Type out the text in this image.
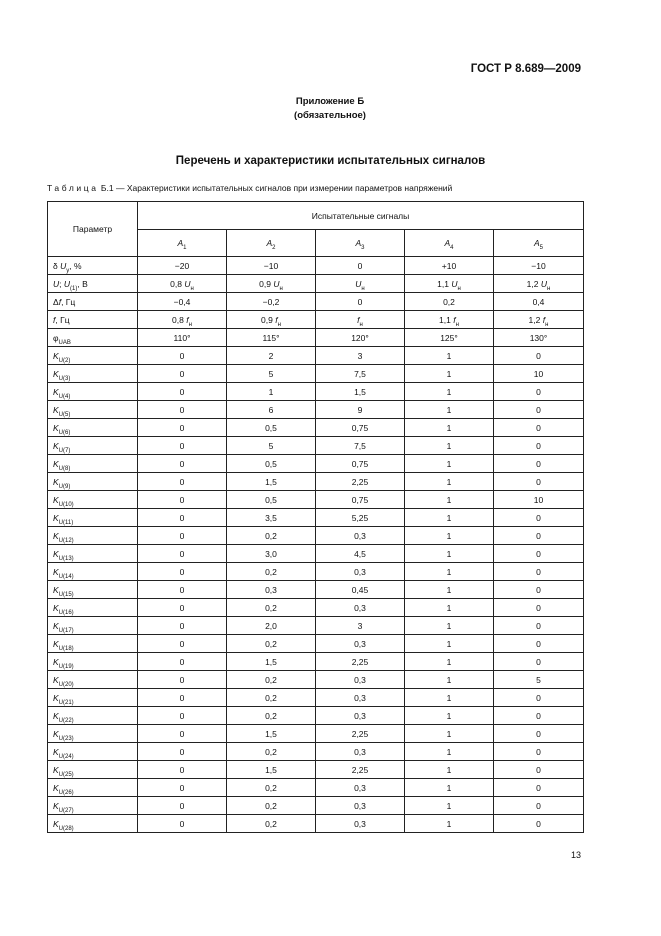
ГОСТ Р 8.689—2009
Приложение Б
(обязательное)
Перечень и характеристики испытательных сигналов
Таблица Б.1 — Характеристики испытательных сигналов при измерении параметров напряжений
Параметр	Испытательные сигналы				
	$A_1$	$A_2$	$A_3$	$A_4$	$A_5$
δ $U_у$, %	−20	−10	0	+10	−10
U; $U_{(1)}$, В	0,8 $U_н$	0,9 $U_н$	$U_н$	1,1 $U_н$	1,2 $U_н$
Δf, Гц	−0,4	−0,2	0	0,2	0,4
f, Гц	0,8 $f_н$	0,9 $f_н$	$f_н$	1,1 $f_н$	1,2 $f_н$
$\varphi_{UAB}$	110°	115°	120°	125°	130°
$K_{U(2)}$	0	2	3	1	0
$K_{U(3)}$	0	5	7,5	1	10
$K_{U(4)}$	0	1	1,5	1	0
$K_{U(5)}$	0	6	9	1	0
$K_{U(6)}$	0	0,5	0,75	1	0
$K_{U(7)}$	0	5	7,5	1	0
$K_{U(8)}$	0	0,5	0,75	1	0
$K_{U(9)}$	0	1,5	2,25	1	0
$K_{U(10)}$	0	0,5	0,75	1	10
$K_{U(11)}$	0	3,5	5,25	1	0
$K_{U(12)}$	0	0,2	0,3	1	0
$K_{U(13)}$	0	3,0	4,5	1	0
$K_{U(14)}$	0	0,2	0,3	1	0
$K_{U(15)}$	0	0,3	0,45	1	0
$K_{U(16)}$	0	0,2	0,3	1	0
$K_{U(17)}$	0	2,0	3	1	0
$K_{U(18)}$	0	0,2	0,3	1	0
$K_{U(19)}$	0	1,5	2,25	1	0
$K_{U(20)}$	0	0,2	0,3	1	5
$K_{U(21)}$	0	0,2	0,3	1	0
$K_{U(22)}$	0	0,2	0,3	1	0
$K_{U(23)}$	0	1,5	2,25	1	0
$K_{U(24)}$	0	0,2	0,3	1	0
$K_{U(25)}$	0	1,5	2,25	1	0
$K_{U(26)}$	0	0,2	0,3	1	0
$K_{U(27)}$	0	0,2	0,3	1	0
$K_{U(28)}$	0	0,2	0,3	1	0
13
